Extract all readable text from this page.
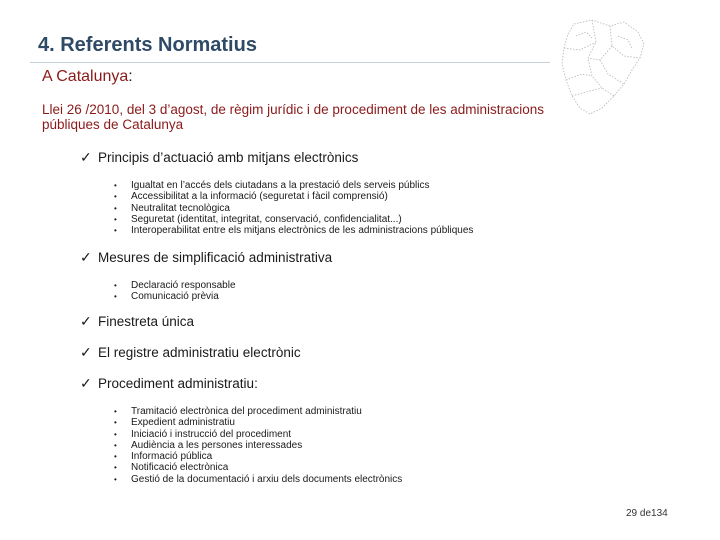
4. Referents Normatius

A Catalunya:

Llei 26 /2010, del 3 d’agost, de règim jurídic i de procediment de les administracions públiques de Catalunya

✓ Principis d’actuació amb mitjans electrònics
• Igualtat en l’accés dels ciutadans a la prestació dels serveis públics
• Accessibilitat a la informació (seguretat i fàcil comprensió)
• Neutralitat tecnològica
• Seguretat (identitat, integritat, conservació, confidencialitat...)
• Interoperabilitat entre els mitjans electrònics de les administracions públiques
✓ Mesures de simplificació administrativa
• Declaració responsable
• Comunicació prèvia
✓ Finestreta única
✓ El registre administratiu electrònic
✓ Procediment administratiu:
• Tramitació electrònica del procediment administratiu
• Expedient administratiu
• Iniciació i instrucció del procediment
• Audiència a les persones interessades
• Informació pública
• Notificació electrònica
• Gestió de la documentació i arxiu dels documents electrònics
29 de134
